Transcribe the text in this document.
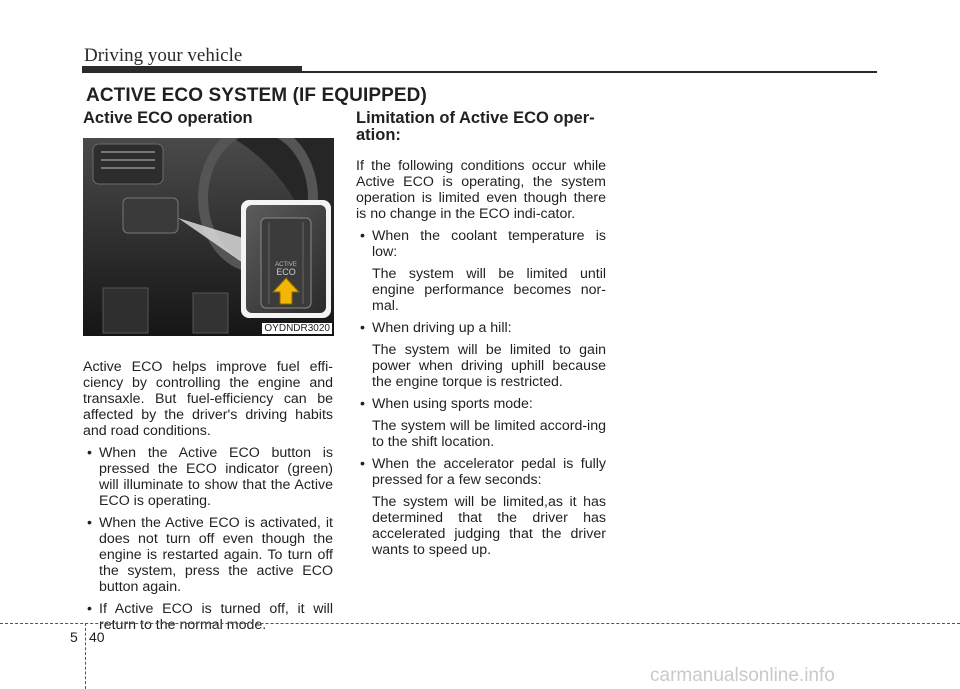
Driving your vehicle
ACTIVE ECO SYSTEM (IF EQUIPPED)
ACTIVE
ECO
OYDNDR3020
Active ECO operation

Active ECO helps improve fuel effi-ciency by controlling the engine and transaxle. But fuel-efficiency can be affected by the driver's driving habits and road conditions.

• When the Active ECO button is pressed the ECO indicator (green) will illuminate to show that the Active ECO is operating.
• When the Active ECO is activated, it does not turn off even though the engine is restarted again. To turn off the system, press the active ECO button again.
• If Active ECO is turned off, it will return to the normal mode.
Limitation of Active ECO oper-ation:

If the following conditions occur while Active ECO is operating, the system operation is limited even though there is no change in the ECO indi-cator.

• When the coolant temperature is low:
The system will be limited until engine performance becomes nor-mal.
• When driving up a hill:
The system will be limited to gain power when driving uphill because the engine torque is restricted.
• When using sports mode:
The system will be limited accord-ing to the shift location.
• When the accelerator pedal is fully pressed for a few seconds:
The system will be limited,as it has determined that the driver has accelerated judging that the driver wants to speed up.
5 40
carmanualsonline.info
